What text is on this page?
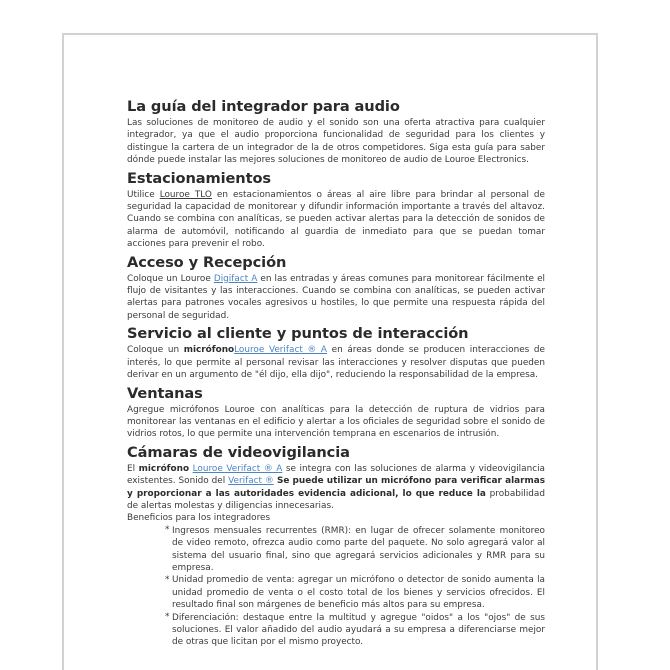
La guía del integrador para audio

Las soluciones de monitoreo de audio y el sonido son una oferta atractiva para cualquier integrador, ya que el audio proporciona funcionalidad de seguridad para los clientes y distingue la cartera de un integrador de la de otros competidores. Siga esta guía para saber dónde puede instalar las mejores soluciones de monitoreo de audio de Louroe Electronics.

Estacionamientos

Utilice Louroe TLO en estacionamientos o áreas al aire libre para brindar al personal de seguridad la capacidad de monitorear y difundir información importante a través del altavoz. Cuando se combina con analíticas, se pueden activar alertas para la detección de sonidos de alarma de automóvil, notificando al guardia de inmediato para que se puedan tomar acciones para prevenir el robo.

Acceso y Recepción

Coloque un Louroe Digifact A en las entradas y áreas comunes para monitorear fácilmente el flujo de visitantes y las interacciones. Cuando se combina con analíticas, se pueden activar alertas para patrones vocales agresivos u hostiles, lo que permite una respuesta rápida del personal de seguridad.

Servicio al cliente y puntos de interacción

Coloque un micrófonoLouroe Verifact ® A en áreas donde se producen interacciones de interés, lo que permite al personal revisar las interacciones y resolver disputas que pueden derivar en un argumento de "él dijo, ella dijo", reduciendo la responsabilidad de la empresa.

Ventanas

Agregue micrófonos Louroe con analíticas para la detección de ruptura de vidrios para monitorear las ventanas en el edificio y alertar a los oficiales de seguridad sobre el sonido de vidrios rotos, lo que permite una intervención temprana en escenarios de intrusión.

Cámaras de videovigilancia

El micrófono Louroe Verifact ® A se integra con las soluciones de alarma y videovigilancia existentes. Sonido del Verifact ® Se puede utilizar un micrófono para verificar alarmas y proporcionar a las autoridades evidencia adicional, lo que reduce la probabilidad de alertas molestas y diligencias innecesarias.

Beneficios para los integradores

* Ingresos mensuales recurrentes (RMR): en lugar de ofrecer solamente monitoreo de video remoto, ofrezca audio como parte del paquete. No solo agregará valor al sistema del usuario final, sino que agregará servicios adicionales y RMR para su empresa.
* Unidad promedio de venta: agregar un micrófono o detector de sonido aumenta la unidad promedio de venta o el costo total de los bienes y servicios ofrecidos. El resultado final son márgenes de beneficio más altos para su empresa.
* Diferenciación: destaque entre la multitud y agregue "oidos" a los "ojos" de sus soluciones. El valor añadido del audio ayudará a su empresa a diferenciarse mejor de otras que licitan por el mismo proyecto.
